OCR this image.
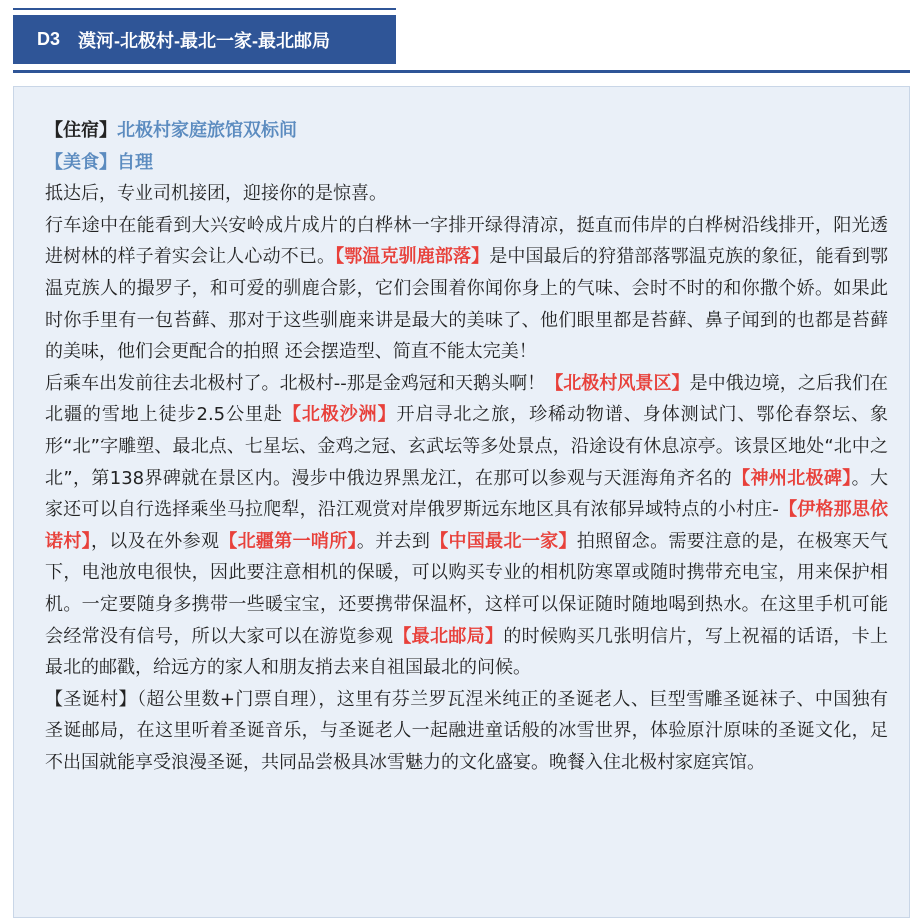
D3 漠河-北极村-最北一家-最北邮局

【住宿】北极村家庭旅馆双标间

【美食】自理

抵达后，专业司机接团，迎接你的是惊喜。

行车途中在能看到大兴安岭成片成片的白桦林一字排开绿得清凉，挺直而伟岸的白桦树沿线排开，阳光透进树林的样子着实会让人心动不已。【鄂温克驯鹿部落】是中国最后的狩猎部落鄂温克族的象征，能看到鄂温克族人的撮罗子，和可爱的驯鹿合影，它们会围着你闻你身上的气味、会时不时的和你撒个娇。如果此时你手里有一包苔藓、那对于这些驯鹿来讲是最大的美味了、他们眼里都是苔藓、鼻子闻到的也都是苔藓的美味，他们会更配合的拍照 还会摆造型、简直不能太完美！

后乘车出发前往去北极村了。北极村--那是金鸡冠和天鹅头啊！【北极村风景区】是中俄边境，之后我们在北疆的雪地上徒步2.5公里赴【北极沙洲】开启寻北之旅，珍稀动物谱、身体测试门、鄂伦春祭坛、象形“北”字雕塑、最北点、七星坛、金鸡之冠、玄武坛等多处景点，沿途设有休息凉亭。该景区地处“北中之北”，第138界碑就在景区内。漫步中俄边界黑龙江，在那可以参观与天涯海角齐名的【神州北极碑】。大家还可以自行选择乘坐马拉爬犁，沿江观赏对岸俄罗斯远东地区具有浓郁异域特点的小村庄-【伊格那思依诺村】，以及在外参观【北疆第一哨所】。并去到【中国最北一家】拍照留念。需要注意的是，在极寒天气下，电池放电很快，因此要注意相机的保暖，可以购买专业的相机防寒罩或随时携带充电宝，用来保护相机。一定要随身多携带一些暖宝宝，还要携带保温杯，这样可以保证随时随地喝到热水。在这里手机可能会经常没有信号，所以大家可以在游览参观【最北邮局】的时候购买几张明信片，写上祝福的话语，卡上最北的邮戳，给远方的家人和朋友捎去来自祖国最北的问候。

【圣诞村】（超公里数+门票自理），这里有芬兰罗瓦涅米纯正的圣诞老人、巨型雪雕圣诞袜子、中国独有圣诞邮局，在这里听着圣诞音乐，与圣诞老人一起融进童话般的冰雪世界，体验原汁原味的圣诞文化，足不出国就能享受浪漫圣诞，共同品尝极具冰雪魅力的文化盛宴。晚餐入住北极村家庭宾馆。
